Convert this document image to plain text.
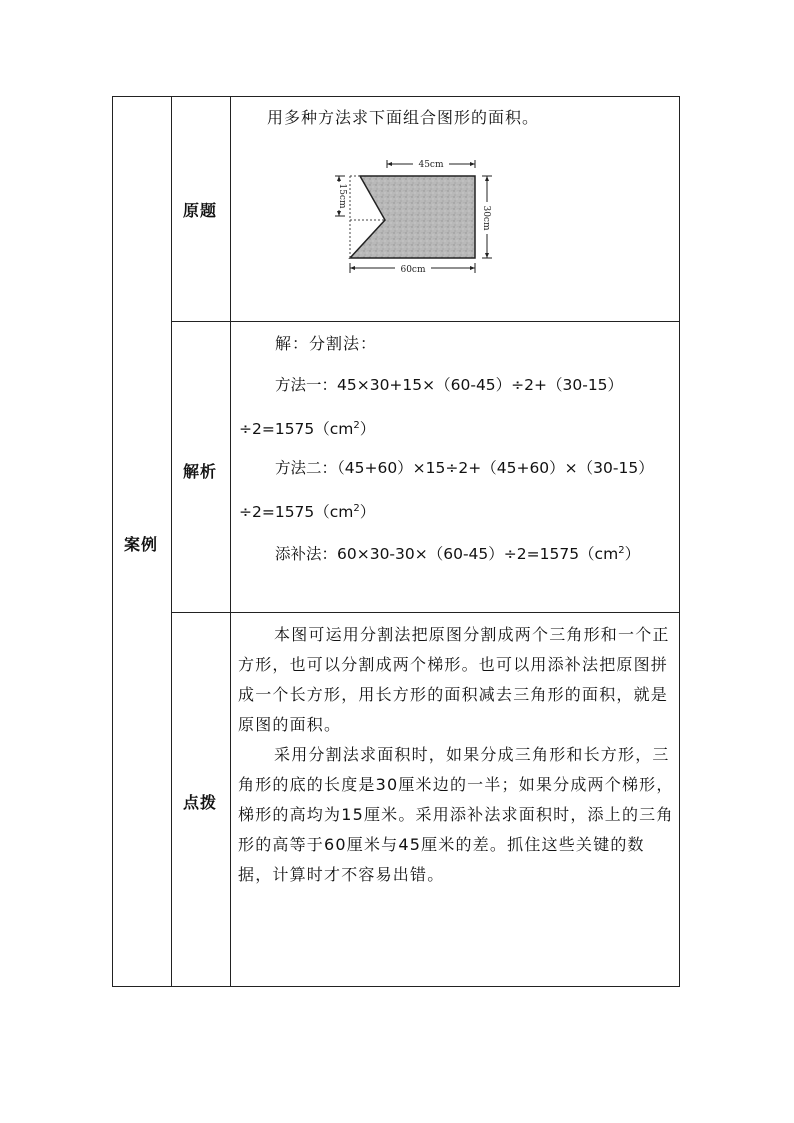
案例
原题
用多种方法求下面组合图形的面积。
45cm
60cm
30cm
15cm
解析
解：分割法：
方法一：45×30+15×（60-45）÷2+（30-15）
$\div 2=1575(cm^2)$
方法二：（45+60）×15÷2+（45+60）×（30-15）
$\div 2=1575(cm^2)$
添补法：$60\times 30-30\times(60-45)\div 2=1575(cm^2)$
点拨

本图可运用分割法把原图分割成两个三角形和一个正方形，也可以分割成两个梯形。也可以用添补法把原图拼成一个长方形，用长方形的面积减去三角形的面积，就是原图的面积。

采用分割法求面积时，如果分成三角形和长方形，三角形的底的长度是30厘米边的一半；如果分成两个梯形，梯形的高均为15厘米。采用添补法求面积时，添上的三角形的高等于60厘米与45厘米的差。抓住这些关键的数据，计算时才不容易出错。
